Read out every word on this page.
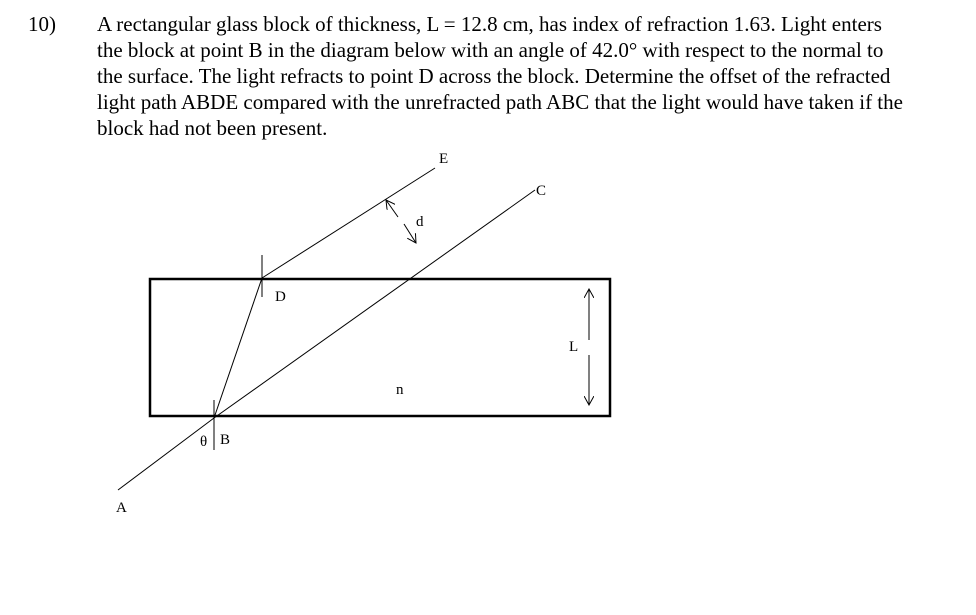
10) A rectangular glass block of thickness, L = 12.8 cm, has index of refraction 1.63. Light enters
the block at point B in the diagram below with an angle of 42.0° with respect to the normal to
the surface. The light refracts to point D across the block. Determine the offset of the refracted
light path ABDE compared with the unrefracted path ABC that the light would have taken if the
block had not been present.
A
B
θ
C
D
E
d
n
L
